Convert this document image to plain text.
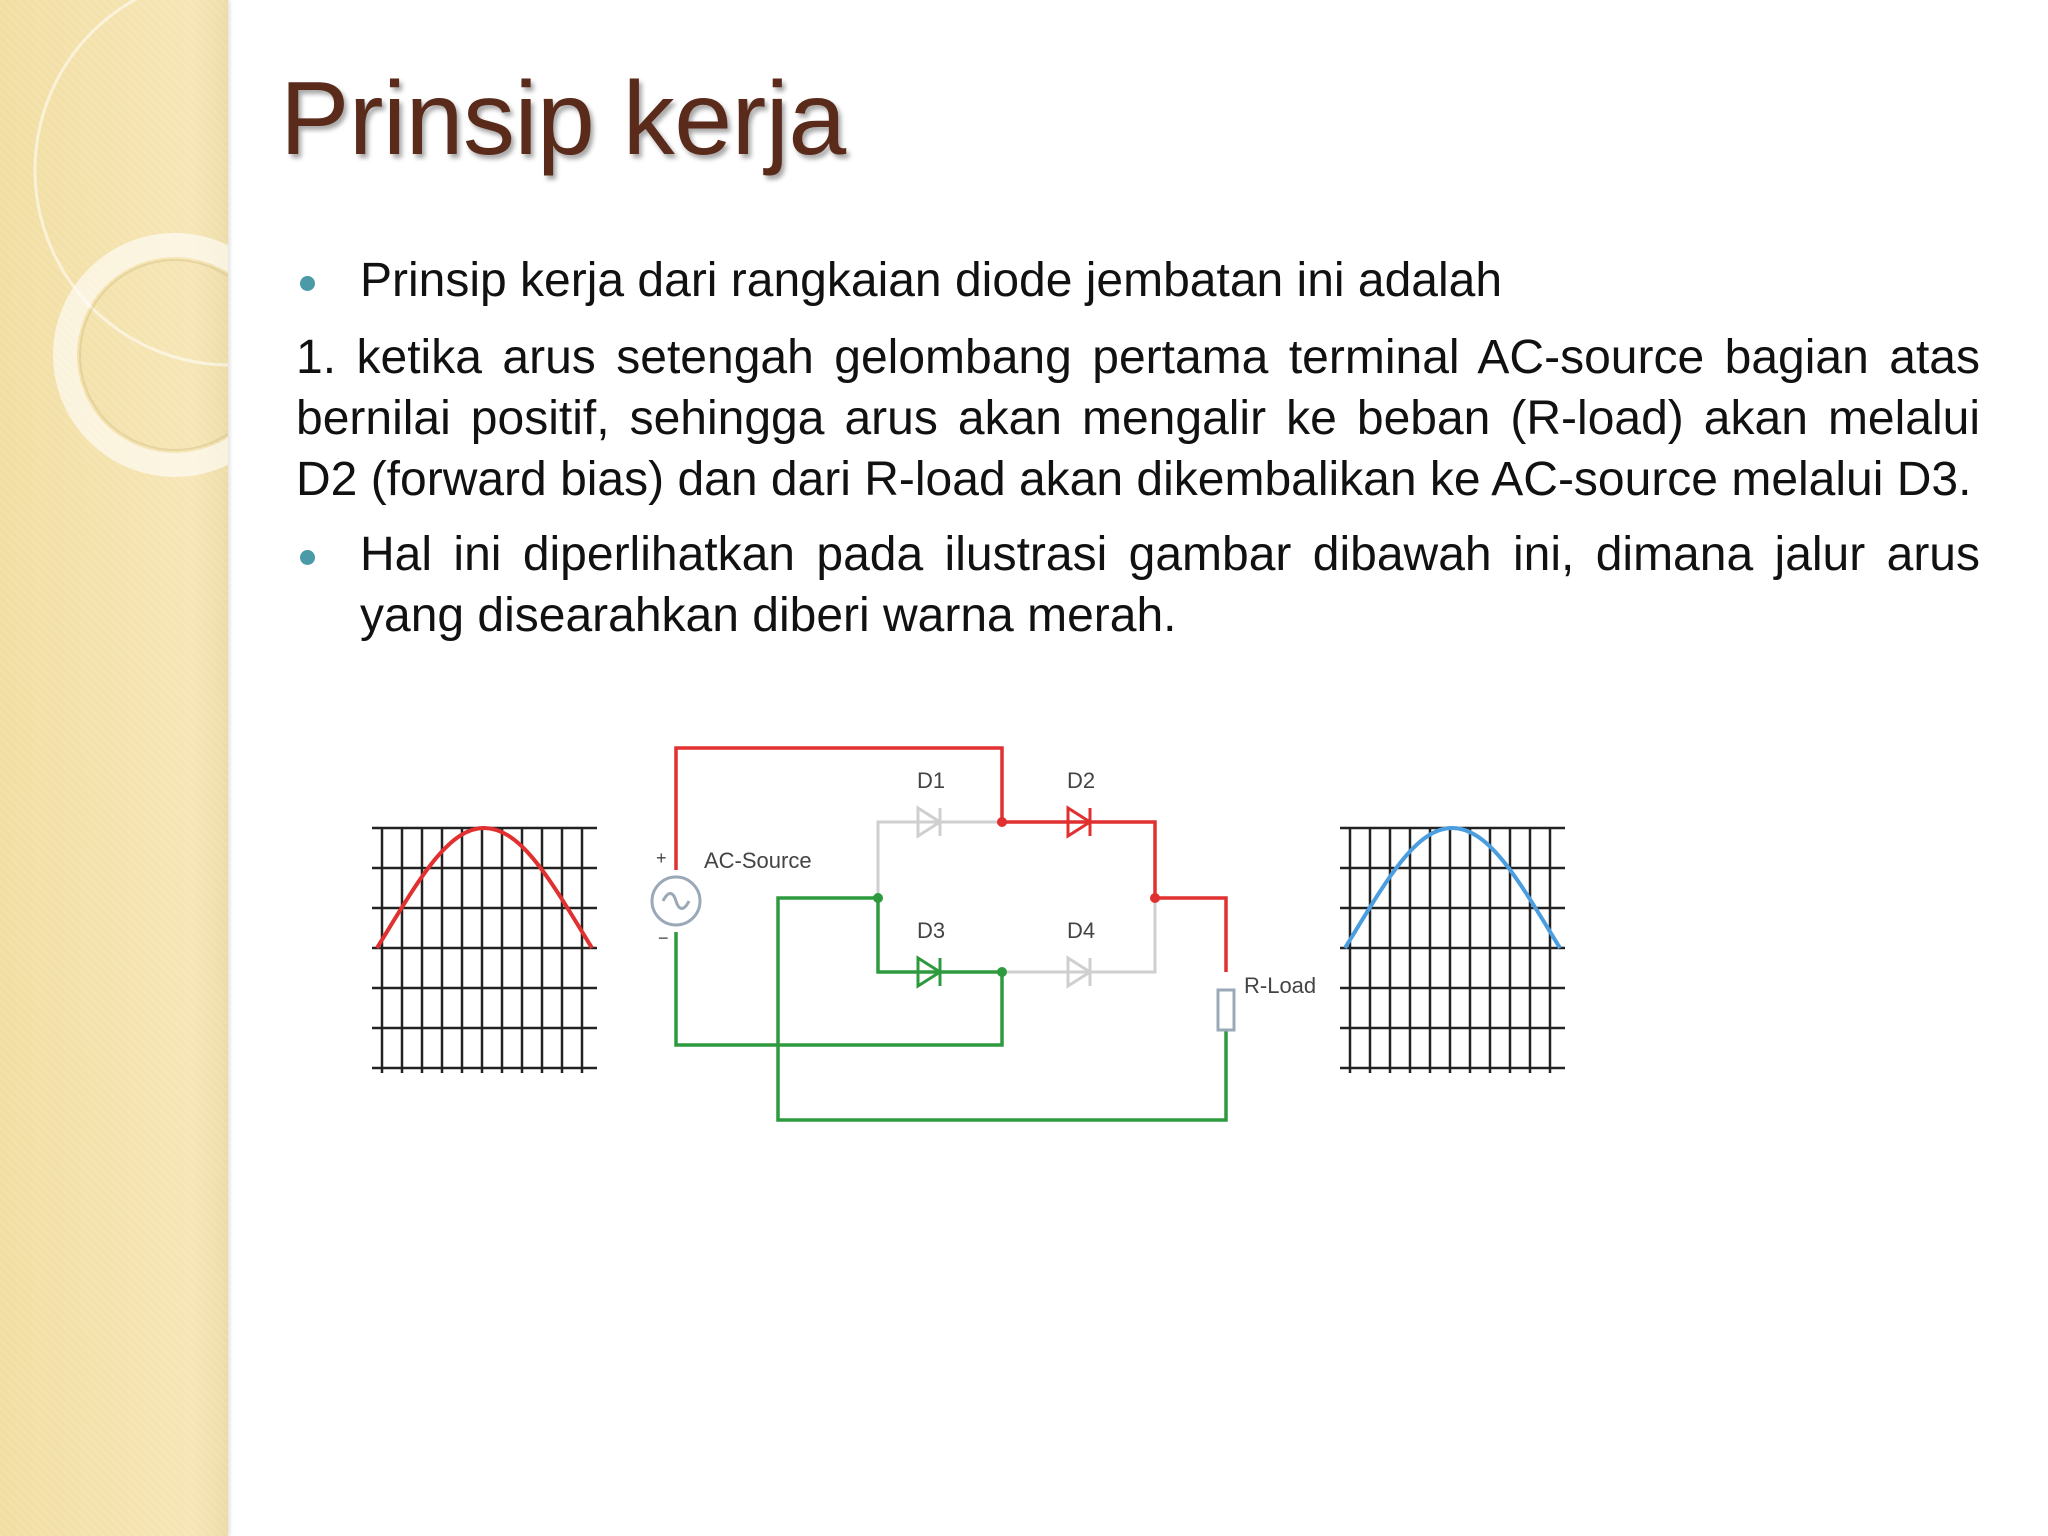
Prinsip kerja
Prinsip kerja dari rangkaian diode jembatan ini adalah
1. ketika arus setengah gelombang pertama terminal AC-source bagian atas bernilai positif, sehingga arus akan mengalir ke beban (R-load) akan melalui D2 (forward bias) dan dari R-load akan dikembalikan ke AC-source melalui D3.
Hal ini diperlihatkan pada ilustrasi gambar dibawah ini, dimana jalur arus yang disearahkan diberi warna merah.
D1	D2
D3	D4
AC-Source
R-Load
+
−
